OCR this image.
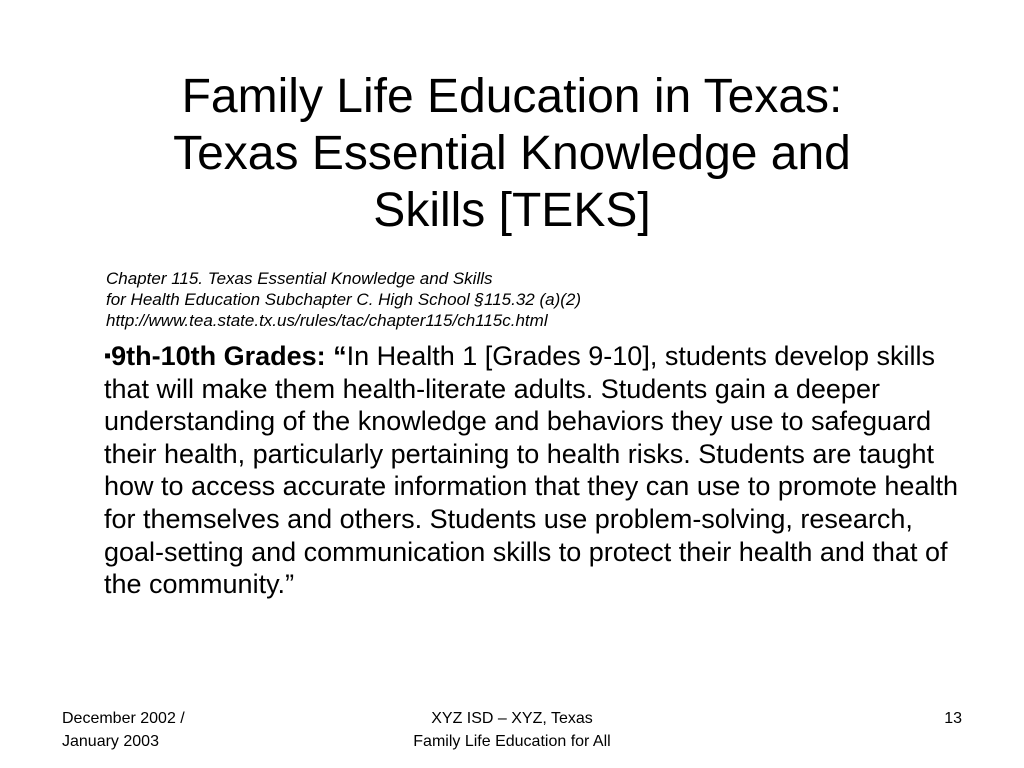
Family Life Education in Texas:
Texas Essential Knowledge and
Skills [TEKS]
Chapter 115. Texas Essential Knowledge and Skills
for Health Education Subchapter C. High School §115.32 (a)(2)
http://www.tea.state.tx.us/rules/tac/chapter115/ch115c.html
▪9th-10th Grades: “In Health 1 [Grades 9-10], students develop skills that will make them health-literate adults. Students gain a deeper understanding of the knowledge and behaviors they use to safeguard their health, particularly pertaining to health risks. Students are taught how to access accurate information that they can use to promote health for themselves and others. Students use problem-solving, research, goal-setting and communication skills to protect their health and that of the community.”
December 2002 /
January 2003
XYZ ISD – XYZ, Texas
Family Life Education for All
13
